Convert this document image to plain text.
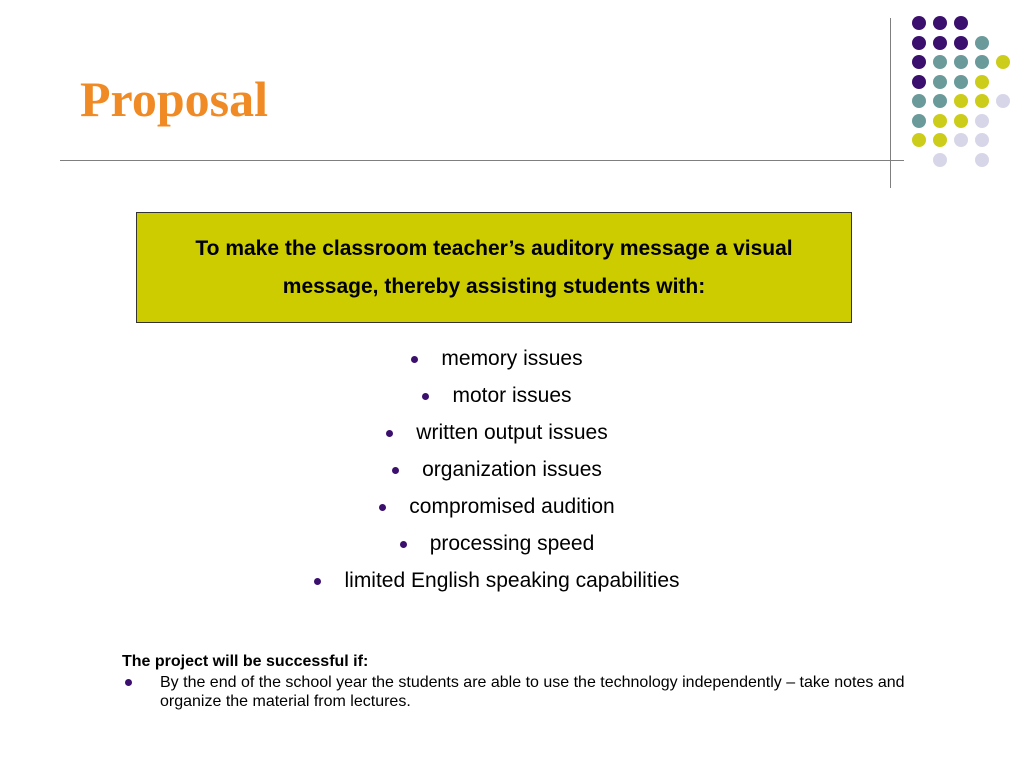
Proposal
To make the classroom teacher’s auditory message a visual message, thereby assisting students with:
memory issues
motor issues
written output issues
organization issues
compromised audition
processing speed
limited English speaking capabilities
The project will be successful if:
By the end of the school year the students are able to use the technology independently – take notes and organize the material from lectures.
